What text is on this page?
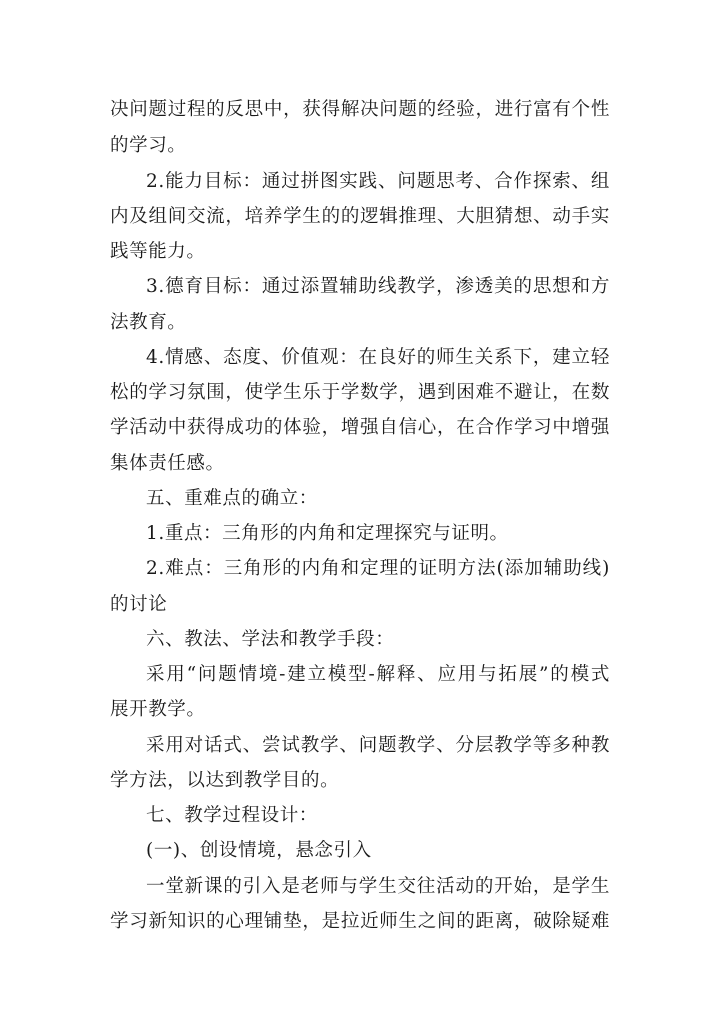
决问题过程的反思中，获得解决问题的经验，进行富有个性
的学习。
2.能力目标：通过拼图实践、问题思考、合作探索、组
内及组间交流，培养学生的的逻辑推理、大胆猜想、动手实
践等能力。
3.德育目标：通过添置辅助线教学，渗透美的思想和方
法教育。
4.情感、态度、价值观：在良好的师生关系下，建立轻
松的学习氛围，使学生乐于学数学，遇到困难不避让，在数
学活动中获得成功的体验，增强自信心，在合作学习中增强
集体责任感。
五、重难点的确立：
1.重点：三角形的内角和定理探究与证明。
2.难点：三角形的内角和定理的证明方法(添加辅助线)
的讨论
六、教法、学法和教学手段：
采用“问题情境-建立模型-解释、应用与拓展”的模式
展开教学。
采用对话式、尝试教学、问题教学、分层教学等多种教
学方法，以达到教学目的。
七、教学过程设计：
(一)、创设情境，悬念引入
一堂新课的引入是老师与学生交往活动的开始，是学生
学习新知识的心理铺垫，是拉近师生之间的距离，破除疑难
